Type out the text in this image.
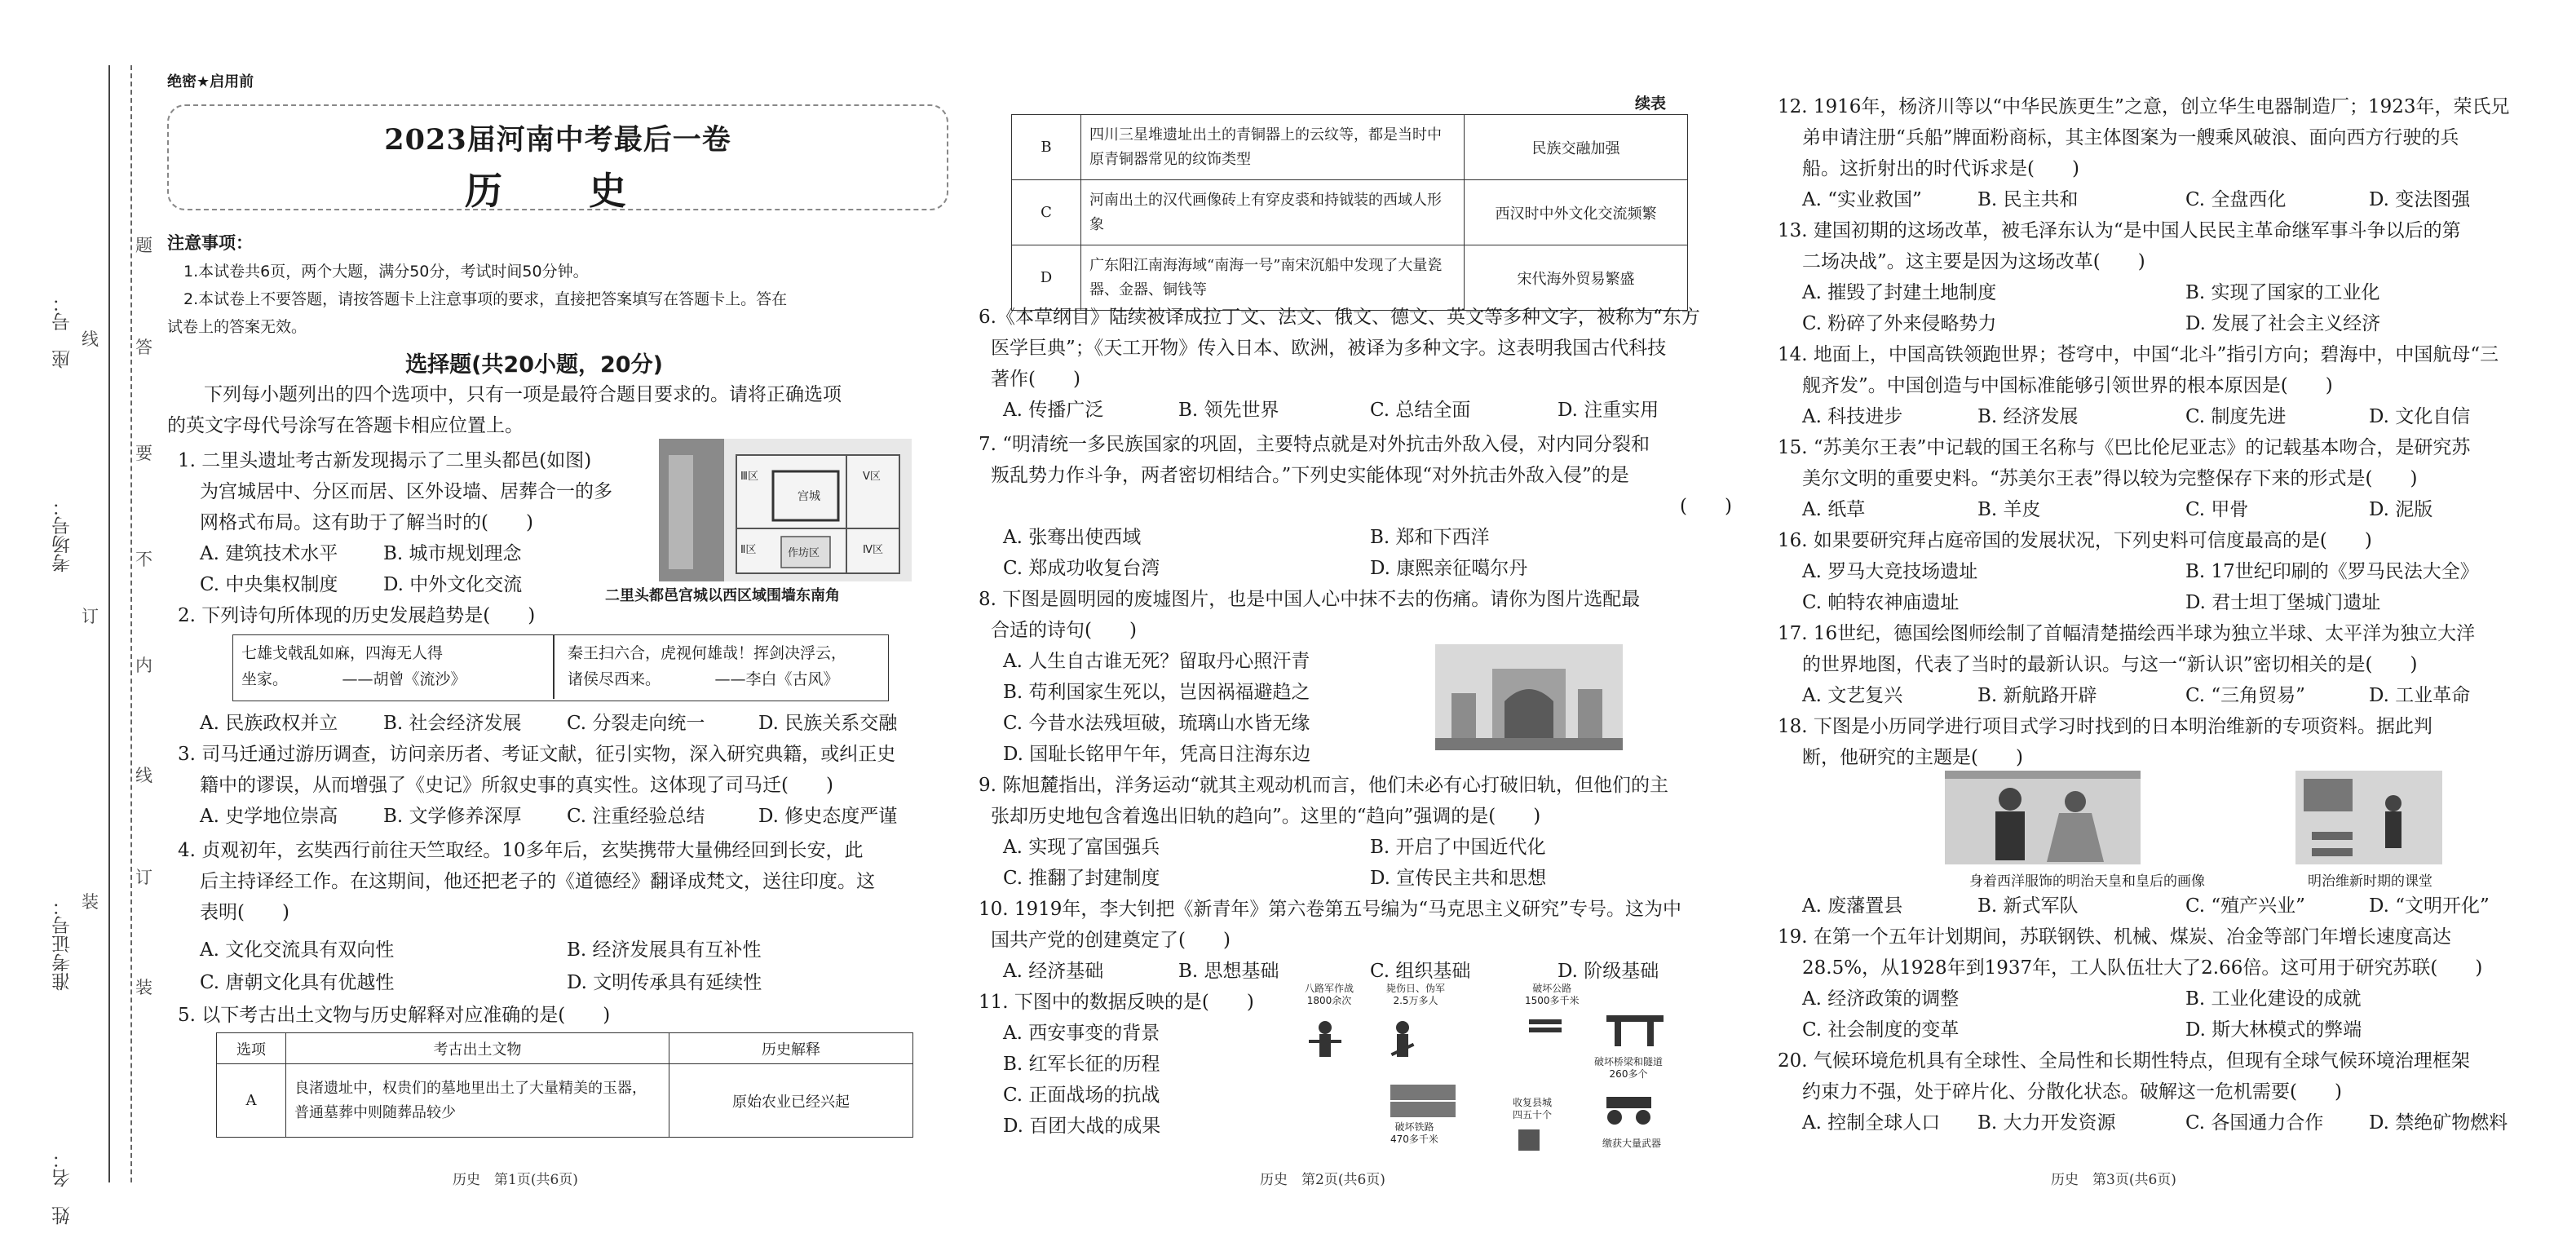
座　号：
考场号：
准考证号：
姓　名：
题
线 答
要
不
订
内
线
订
装
装
绝密★启用前
2023届河南中考最后一卷
历　史
注意事项：
1.本试卷共6页，两个大题，满分50分，考试时间50分钟。
2.本试卷上不要答题，请按答题卡上注意事项的要求，直接把答案填写在答题卡上。答在
试卷上的答案无效。
选择题(共20小题，20分)
下列每小题列出的四个选项中，只有一项是最符合题目要求的。请将正确选项
的英文字母代号涂写在答题卡相应位置上。
1. 二里头遗址考古新发现揭示了二里头都邑(如图)
为宫城居中、分区而居、区外设墙、居葬合一的多
网格式布局。这有助于了解当时的(　　)
A. 建筑技术水平 B. 城市规划理念
C. 中央集权制度 D. 中外文化交流
宫城
作坊区
Ⅴ区
Ⅳ区
Ⅲ区
Ⅱ区
二里头都邑宫城以西区域围墙东南角
2. 下列诗句所体现的历史发展趋势是(　　)
七雄戈戟乱如麻，四海无人得
坐家。　　　　——胡曾《流沙》
秦王扫六合，虎视何雄哉！挥剑决浮云，
诸侯尽西来。　　　　——李白《古风》
A. 民族政权并立 B. 社会经济发展 C. 分裂走向统一	D. 民族关系交融
3. 司马迁通过游历调查，访问亲历者、考证文献，征引实物，深入研究典籍，或纠正史
籍中的谬误，从而增强了《史记》所叙史事的真实性。这体现了司马迁(　　)
A. 史学地位崇高 B. 文学修养深厚 C. 注重经验总结	D. 修史态度严谨
4. 贞观初年，玄奘西行前往天竺取经。10多年后，玄奘携带大量佛经回到长安，此
后主持译经工作。在这期间，他还把老子的《道德经》翻译成梵文，送往印度。这
表明(　　)
A. 文化交流具有双向性	B. 经济发展具有互补性
C. 唐朝文化具有优越性	D. 文明传承具有延续性
5. 以下考古出土文物与历史解释对应准确的是(　　)
选项	考古出土文物	历史解释
A	良渚遗址中，权贵们的墓地里出土了大量精美的玉器，普通墓葬中则随葬品较少	原始农业已经兴起
历史　第1页(共6页)
续表
B	四川三星堆遗址出土的青铜器上的云纹等，都是当时中原青铜器常见的纹饰类型	民族交融加强
C	河南出土的汉代画像砖上有穿皮裘和持钺装的西域人形象	西汉时中外文化交流频繁
D	广东阳江南海海域“南海一号”南宋沉船中发现了大量瓷器、金器、铜钱等	宋代海外贸易繁盛
6.《本草纲目》陆续被译成拉丁文、法文、俄文、德文、英文等多种文字，被称为“东方
医学巨典”；《天工开物》传入日本、欧洲，被译为多种文字。这表明我国古代科技
著作(　　)
A. 传播广泛	B. 领先世界	C. 总结全面	D. 注重实用
7. “明清统一多民族国家的巩固，主要特点就是对外抗击外敌入侵，对内同分裂和
叛乱势力作斗争，两者密切相结合。”下列史实能体现“对外抗击外敌入侵”的是
(　　)
A. 张骞出使西域	B. 郑和下西洋
C. 郑成功收复台湾	D. 康熙亲征噶尔丹
8. 下图是圆明园的废墟图片，也是中国人心中抹不去的伤痛。请你为图片选配最
合适的诗句(　　)
A. 人生自古谁无死？留取丹心照汗青
B. 苟利国家生死以，岂因祸福避趋之
C. 今昔水法残垣破，琉璃山水皆无缘
D. 国耻长铭甲午年，凭高日注海东边
9. 陈旭麓指出，洋务运动“就其主观动机而言，他们未必有心打破旧轨，但他们的主
张却历史地包含着逸出旧轨的趋向”。这里的“趋向”强调的是(　　)
A. 实现了富国强兵	B. 开启了中国近代化
C. 推翻了封建制度	D. 宣传民主共和思想
10. 1919年，李大钊把《新青年》第六卷第五号编为“马克思主义研究”专号。这为中
国共产党的创建奠定了(　　)
A. 经济基础	B. 思想基础	C. 组织基础	D. 阶级基础
11. 下图中的数据反映的是(　　)
A. 西安事变的背景
B. 红军长征的历程
C. 正面战场的抗战
D. 百团大战的成果
八路军作战
1800余次
毙伤日、伪军
2.5万多人
破坏公路
1500多千米
破坏桥梁和隧道
260多个
破坏铁路
470多千米
收复县城
四五十个
缴获大量武器
历史　第2页(共6页)
12. 1916年，杨济川等以“中华民族更生”之意，创立华生电器制造厂；1923年，荣氏兄
弟申请注册“兵船”牌面粉商标，其主体图案为一艘乘风破浪、面向西方行驶的兵
船。这折射出的时代诉求是(　　)
A. “实业救国”	B. 民主共和	C. 全盘西化	D. 变法图强
13. 建国初期的这场改革，被毛泽东认为“是中国人民民主革命继军事斗争以后的第
二场决战”。这主要是因为这场改革(　　)
A. 摧毁了封建土地制度	B. 实现了国家的工业化
C. 粉碎了外来侵略势力	D. 发展了社会主义经济
14. 地面上，中国高铁领跑世界；苍穹中，中国“北斗”指引方向；碧海中，中国航母“三
舰齐发”。中国创造与中国标准能够引领世界的根本原因是(　　)
A. 科技进步	B. 经济发展	C. 制度先进	D. 文化自信
15. “苏美尔王表”中记载的国王名称与《巴比伦尼亚志》的记载基本吻合，是研究苏
美尔文明的重要史料。“苏美尔王表”得以较为完整保存下来的形式是(　　)
A. 纸草	B. 羊皮	C. 甲骨	D. 泥版
16. 如果要研究拜占庭帝国的发展状况，下列史料可信度最高的是(　　)
A. 罗马大竞技场遗址	B. 17世纪印刷的《罗马民法大全》
C. 帕特农神庙遗址	D. 君士坦丁堡城门遗址
17. 16世纪，德国绘图师绘制了首幅清楚描绘西半球为独立半球、太平洋为独立大洋
的世界地图，代表了当时的最新认识。与这一“新认识”密切相关的是(　　)
A. 文艺复兴	B. 新航路开辟	C. “三角贸易”	D. 工业革命
18. 下图是小历同学进行项目式学习时找到的日本明治维新的专项资料。据此判
断，他研究的主题是(　　)
身着西洋服饰的明治天皇和皇后的画像	明治维新时期的课堂
A. 废藩置县	B. 新式军队	C. “殖产兴业”	D. “文明开化”
19. 在第一个五年计划期间，苏联钢铁、机械、煤炭、冶金等部门年增长速度高达
28.5%，从1928年到1937年，工人队伍壮大了2.66倍。这可用于研究苏联(　　)
A. 经济政策的调整	B. 工业化建设的成就
C. 社会制度的变革	D. 斯大林模式的弊端
20. 气候环境危机具有全球性、全局性和长期性特点，但现有全球气候环境治理框架
约束力不强，处于碎片化、分散化状态。破解这一危机需要(　　)
A. 控制全球人口 B. 大力开发资源	C. 各国通力合作 D. 禁绝矿物燃料
历史　第3页(共6页)
